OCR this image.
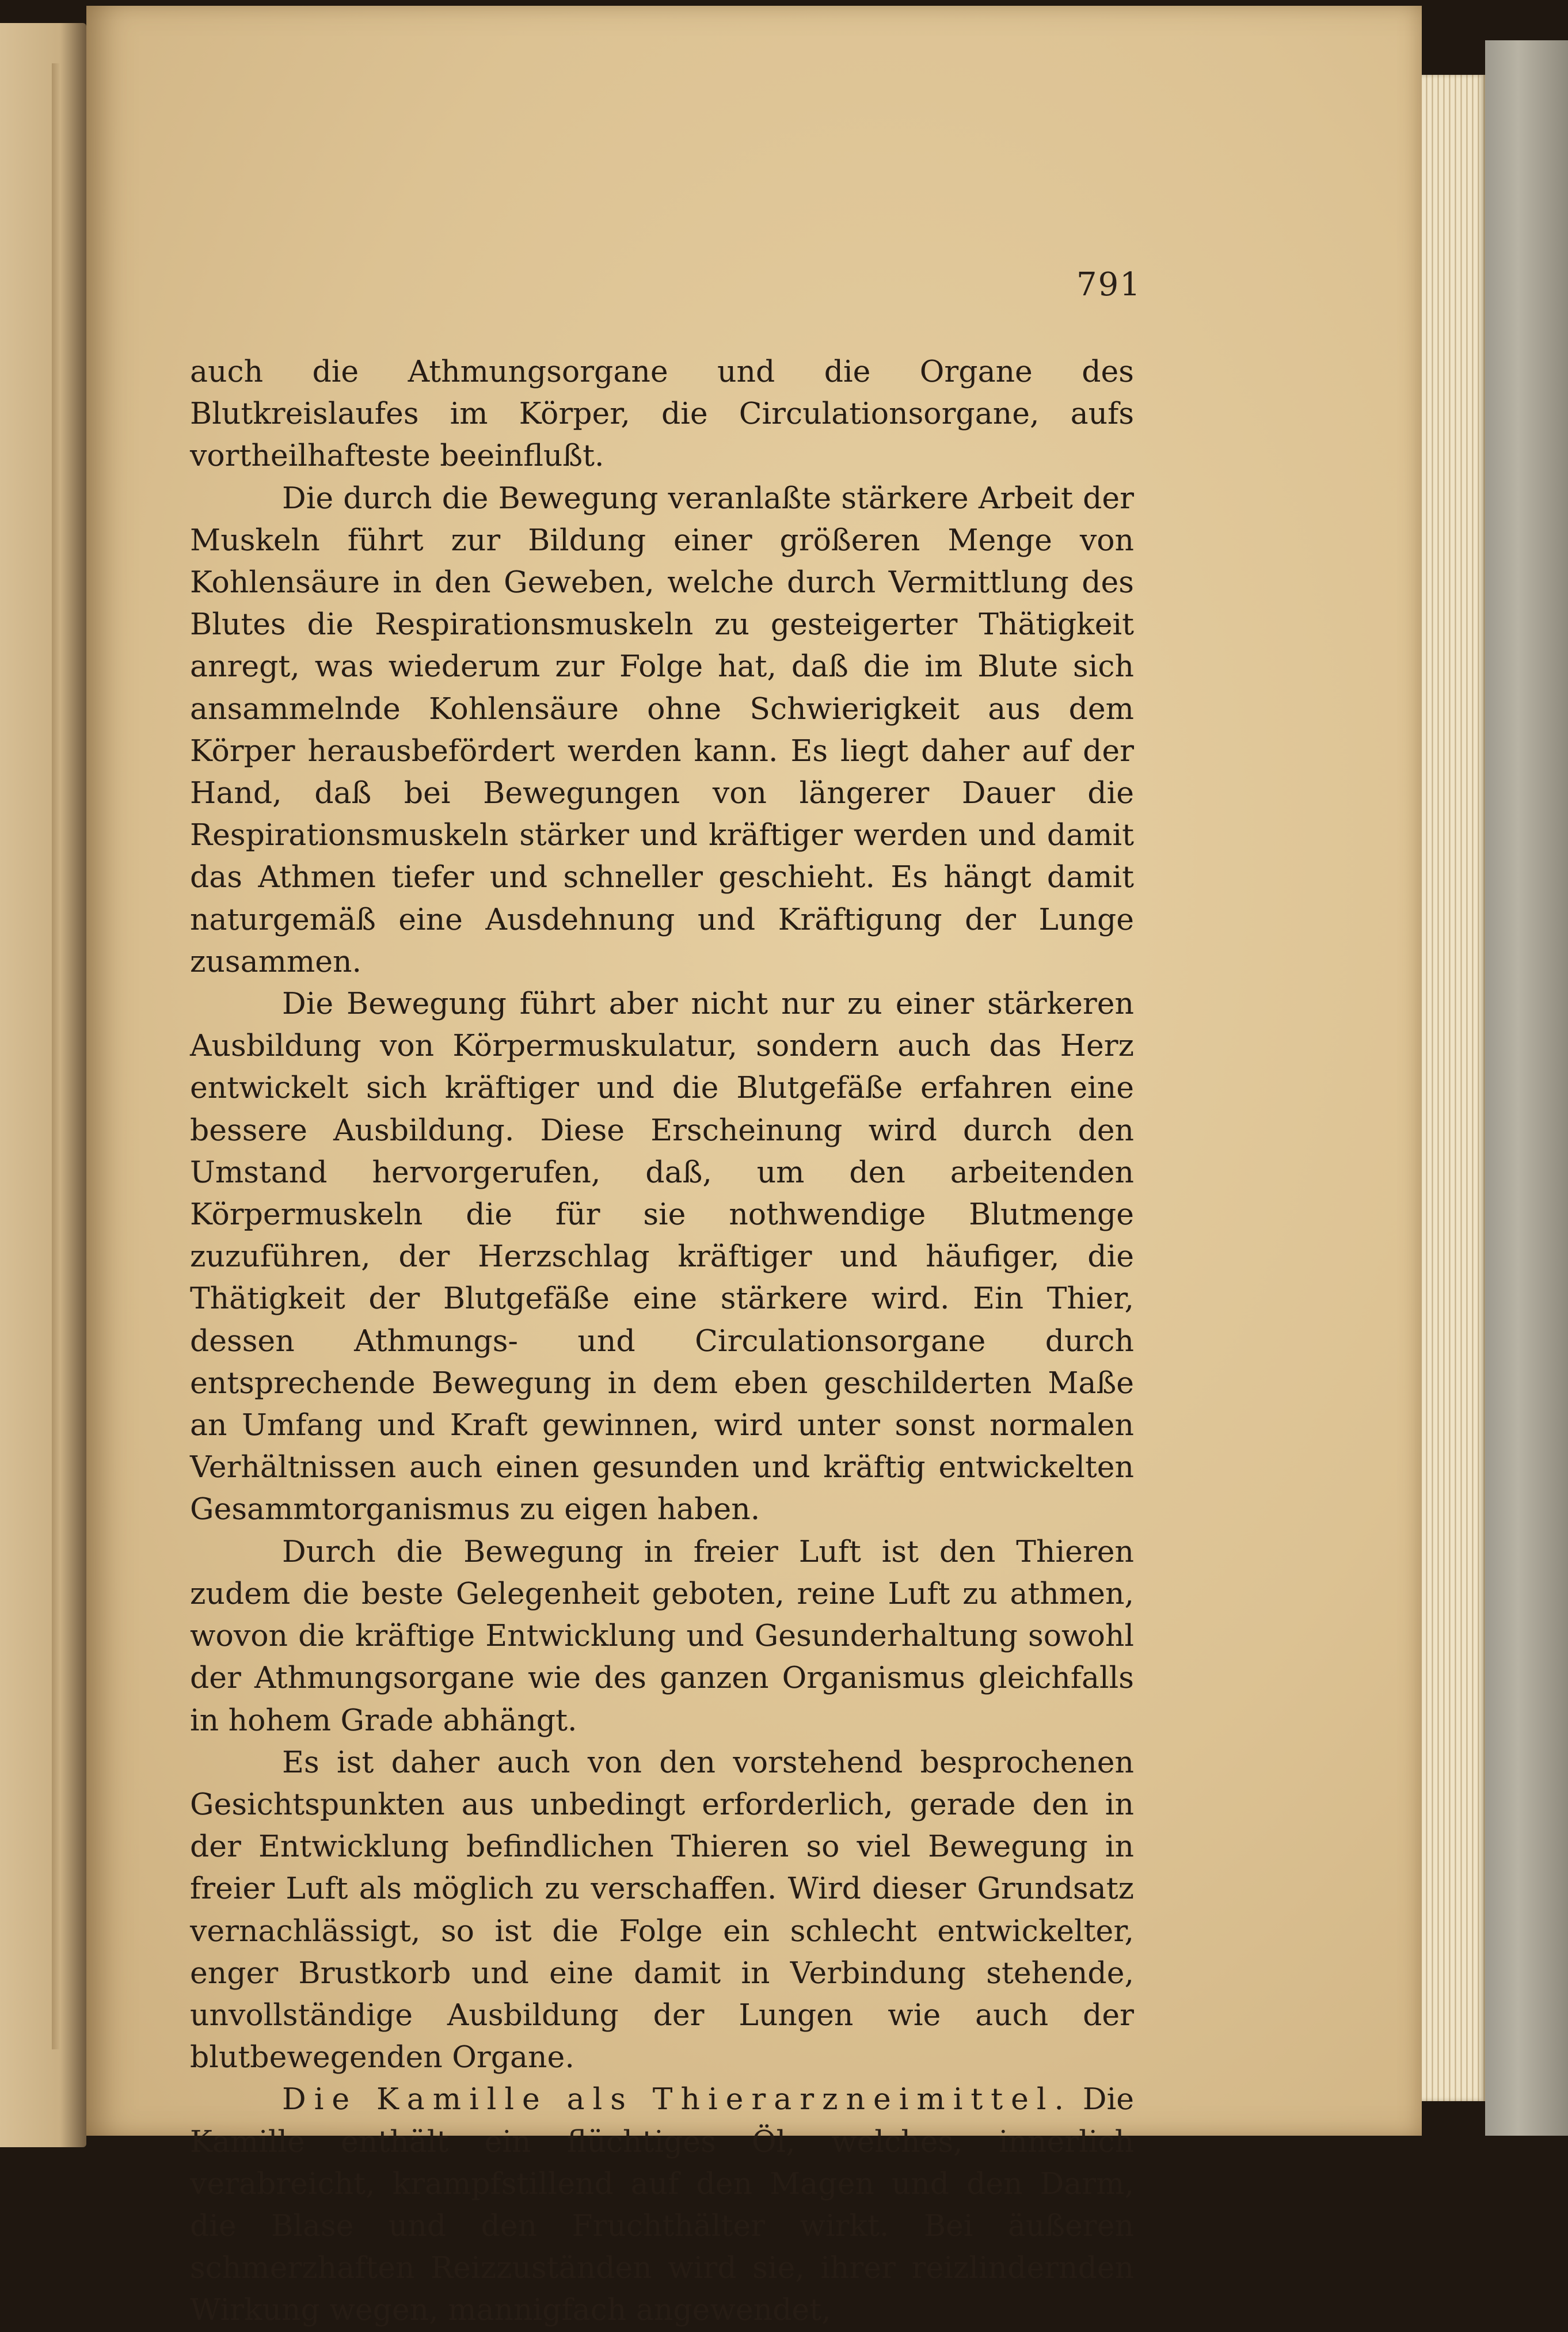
791

auch die Athmungsorgane und die Organe des Blutkreislaufes im Körper, die Circulationsorgane, aufs vortheilhafteste beeinflußt.

Die durch die Bewegung veranlaßte stärkere Arbeit der Muskeln führt zur Bildung einer größeren Menge von Kohlensäure in den Geweben, welche durch Vermittlung des Blutes die Respirationsmuskeln zu gesteigerter Thätigkeit anregt, was wiederum zur Folge hat, daß die im Blute sich ansammelnde Kohlensäure ohne Schwierigkeit aus dem Körper herausbefördert werden kann. Es liegt daher auf der Hand, daß bei Bewegungen von längerer Dauer die Respirationsmuskeln stärker und kräftiger werden und damit das Athmen tiefer und schneller geschieht. Es hängt damit naturgemäß eine Ausdehnung und Kräftigung der Lunge zusammen.

Die Bewegung führt aber nicht nur zu einer stärkeren Ausbildung von Körpermuskulatur, sondern auch das Herz entwickelt sich kräftiger und die Blutgefäße erfahren eine bessere Ausbildung. Diese Erscheinung wird durch den Umstand hervorgerufen, daß, um den arbeitenden Körpermuskeln die für sie nothwendige Blutmenge zuzuführen, der Herzschlag kräftiger und häufiger, die Thätigkeit der Blutgefäße eine stärkere wird. Ein Thier, dessen Athmungs- und Circulationsorgane durch entsprechende Bewegung in dem eben geschilderten Maße an Umfang und Kraft gewinnen, wird unter sonst normalen Verhältnissen auch einen gesunden und kräftig entwickelten Gesammtorganismus zu eigen haben.

Durch die Bewegung in freier Luft ist den Thieren zudem die beste Gelegenheit geboten, reine Luft zu athmen, wovon die kräftige Entwicklung und Gesunderhaltung sowohl der Athmungsorgane wie des ganzen Organismus gleichfalls in hohem Grade abhängt.

Es ist daher auch von den vorstehend besprochenen Gesichtspunkten aus unbedingt erforderlich, gerade den in der Entwicklung befindlichen Thieren so viel Bewegung in freier Luft als möglich zu verschaffen. Wird dieser Grundsatz vernachlässigt, so ist die Folge ein schlecht entwickelter, enger Brustkorb und eine damit in Verbindung stehende, unvollständige Ausbildung der Lungen wie auch der blutbewegenden Organe.

Die Kamille als Thierarzneimittel. Die Kamille enthält ein flüchtiges Öl, welches, innerlich verabreicht, krampfstillend auf den Magen und den Darm, die Blase und den Fruchthälter wirkt. Bei äußeren schmerzhaften Reizzuständen wird sie, ihrer reizlindernden Wirkung wegen, mannigfach angewendet,
